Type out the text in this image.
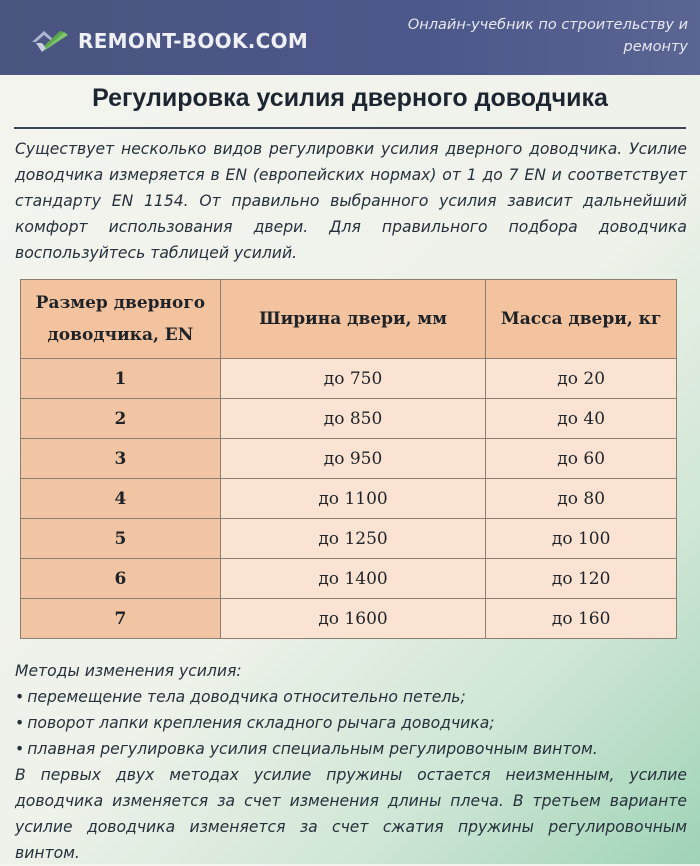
REMONT-BOOK.COM
Онлайн-учебник по строительству и ремонту
Регулировка усилия дверного доводчика
Существует несколько видов регулировки усилия дверного доводчика. Усилие доводчика измеряется в EN (европейских нормах) от 1 до 7 EN и соответствует стандарту EN 1154. От правильно выбранного усилия зависит дальнейший комфорт использования двери. Для правильного подбора доводчика воспользуйтесь таблицей усилий.
Размер дверного доводчика, EN	Ширина двери, мм	Масса двери, кг
1	до 750	до 20
2	до 850	до 40
3	до 950	до 60
4	до 1100	до 80
5	до 1250	до 100
6	до 1400	до 120
7	до 1600	до 160

Методы изменения усилия:

• перемещение тела доводчика относительно петель;
• поворот лапки крепления складного рычага доводчика;
• плавная регулировка усилия специальным регулировочным винтом.

В первых двух методах усилие пружины остается неизменным, усилие доводчика изменяется за счет изменения длины плеча. В третьем варианте усилие доводчика изменяется за счет сжатия пружины регулировочным винтом.
